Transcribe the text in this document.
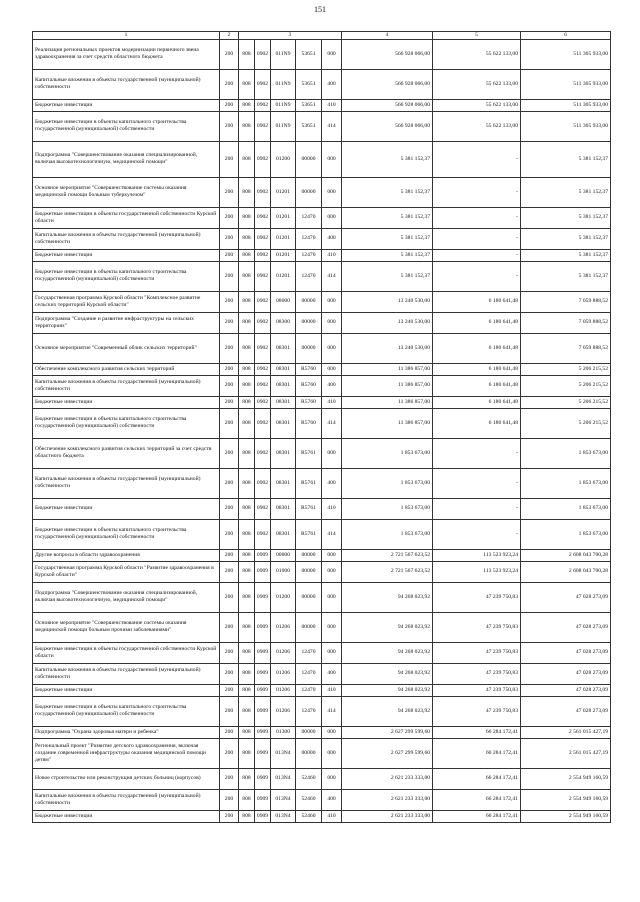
151
1	2	3					4	5	6
Реализация региональных проектов модернизации первичного звена здравоохранения за счет средств областного бюджета	200	808	0902	011N9	53651	000	566 928 066,00	55 622 133,00	511 305 933,00
Капитальные вложения в объекты государственной (муниципальной) собственности	200	808	0902	011N9	53651	400	566 928 066,00	55 622 133,00	511 305 933,00
Бюджетные инвестиции	200	808	0902	011N9	53651	410	566 928 066,00	55 622 133,00	511 305 933,00
Бюджетные инвестиции в объекты капитального строительства государственной (муниципальной) собственности	200	808	0902	011N9	53651	414	566 928 066,00	55 622 133,00	511 305 933,00
Подпрограмма "Совершенствование оказания специализированной, включая высокотехнологичную, медицинской помощи"	200	808	0902	01200	00000	000	5 381 152,37	-	5 381 152,37
Основное мероприятие "Совершенствование системы оказания медицинской помощи больным туберкулезом"	200	808	0902	01201	00000	000	5 381 152,37	-	5 381 152,37
Бюджетные инвестиции в объекты государственной собственности Курской области	200	808	0902	01201	12470	000	5 381 152,37	-	5 381 152,37
Капитальные вложения в объекты государственной (муниципальной) собственности	200	808	0902	01201	12470	400	5 381 152,37	-	5 381 152,37
Бюджетные инвестиции	200	808	0902	01201	12470	410	5 381 152,37	-	5 381 152,37
Бюджетные инвестиции в объекты капитального строительства государственной (муниципальной) собственности	200	808	0902	01201	12470	414	5 381 152,37	-	5 381 152,37
Государственная программа Курской области "Комплексное развитие сельских территорий Курской области"	200	808	0902	08000	00000	000	13 240 530,00	6 180 641,48	7 059 888,52
Подпрограмма "Создание и развитие инфраструктуры на сельских территориях"	200	808	0902	08300	00000	000	13 240 530,00	6 180 641,48	7 059 888,52
Основное мероприятие "Современный облик сельских территорий"	200	808	0902	08301	00000	000	13 240 530,00	6 180 641,48	7 059 888,52
Обеспечение комплексного развития сельских территорий	200	808	0902	08301	R5760	000	11 386 857,00	6 180 641,48	5 206 215,52
Капитальные вложения в объекты государственной (муниципальной) собственности	200	808	0902	08301	R5760	400	11 386 857,00	6 180 641,48	5 206 215,52
Бюджетные инвестиции	200	808	0902	08301	R5760	410	11 386 857,00	6 180 641,48	5 206 215,52
Бюджетные инвестиции в объекты капитального строительства государственной (муниципальной) собственности	200	808	0902	08301	R5760	414	11 386 857,00	6 180 641,48	5 206 215,52
Обеспечение комплексного развития сельских территорий за счет средств областного бюджета	200	808	0902	08301	R5761	000	1 853 673,00	-	1 853 673,00
Капитальные вложения в объекты государственной (муниципальной) собственности	200	808	0902	08301	R5761	400	1 853 673,00	-	1 853 673,00
Бюджетные инвестиции	200	808	0902	08301	R5761	410	1 853 673,00	-	1 853 673,00
Бюджетные инвестиции в объекты капитального строительства государственной (муниципальной) собственности	200	808	0902	08301	R5761	414	1 853 673,00	-	1 853 673,00
Другие вопросы в области здравоохранения	200	808	0909	00000	00000	000	2 721 567 623,52	113 523 923,24	2 608 043 700,28
Государственная программа Курской области "Развитие здравоохранения в Курской области"	200	808	0909	01000	00000	000	2 721 567 623,52	113 523 923,24	2 608 043 700,28
Подпрограмма "Совершенствование оказания специализированной, включая высокотехнологичную, медицинской помощи"	200	808	0909	01200	00000	000	94 268 023,92	47 239 750,83	47 028 273,09
Основное мероприятие "Совершенствование системы оказания медицинской помощи больным прочими заболеваниями"	200	808	0909	01206	00000	000	94 268 023,92	47 239 750,83	47 028 273,09
Бюджетные инвестиции в объекты государственной собственности Курской области	200	808	0909	01206	12470	000	94 268 023,92	47 239 750,83	47 028 273,09
Капитальные вложения в объекты государственной (муниципальной) собственности	200	808	0909	01206	12470	400	94 268 023,92	47 239 750,83	47 028 273,09
Бюджетные инвестиции	200	808	0909	01206	12470	410	94 268 023,92	47 239 750,83	47 028 273,09
Бюджетные инвестиции в объекты капитального строительства государственной (муниципальной) собственности	200	808	0909	01206	12470	414	94 268 023,92	47 239 750,83	47 028 273,09
Подпрограмма "Охрана здоровья матери и ребенка"	200	808	0909	01300	00000	000	2 627 299 599,60	66 284 172,41	2 561 015 427,19
Региональный проект "Развитие детского здравоохранения, включая создание современной инфраструктуры оказания медицинской помощи детям"	200	808	0909	013N4	00000	000	2 627 299 599,60	66 284 172,41	2 561 015 427,19
Новое строительство или реконструкция детских больниц (корпусов)	200	808	0909	013N4	52460	000	2 621 233 333,00	66 284 172,41	2 554 949 160,59
Капитальные вложения в объекты государственной (муниципальной) собственности	200	808	0909	013N4	52460	400	2 621 233 333,00	66 284 172,41	2 554 949 160,59
Бюджетные инвестиции	200	808	0909	013N4	52460	410	2 621 233 333,00	66 284 172,41	2 554 949 160,59
